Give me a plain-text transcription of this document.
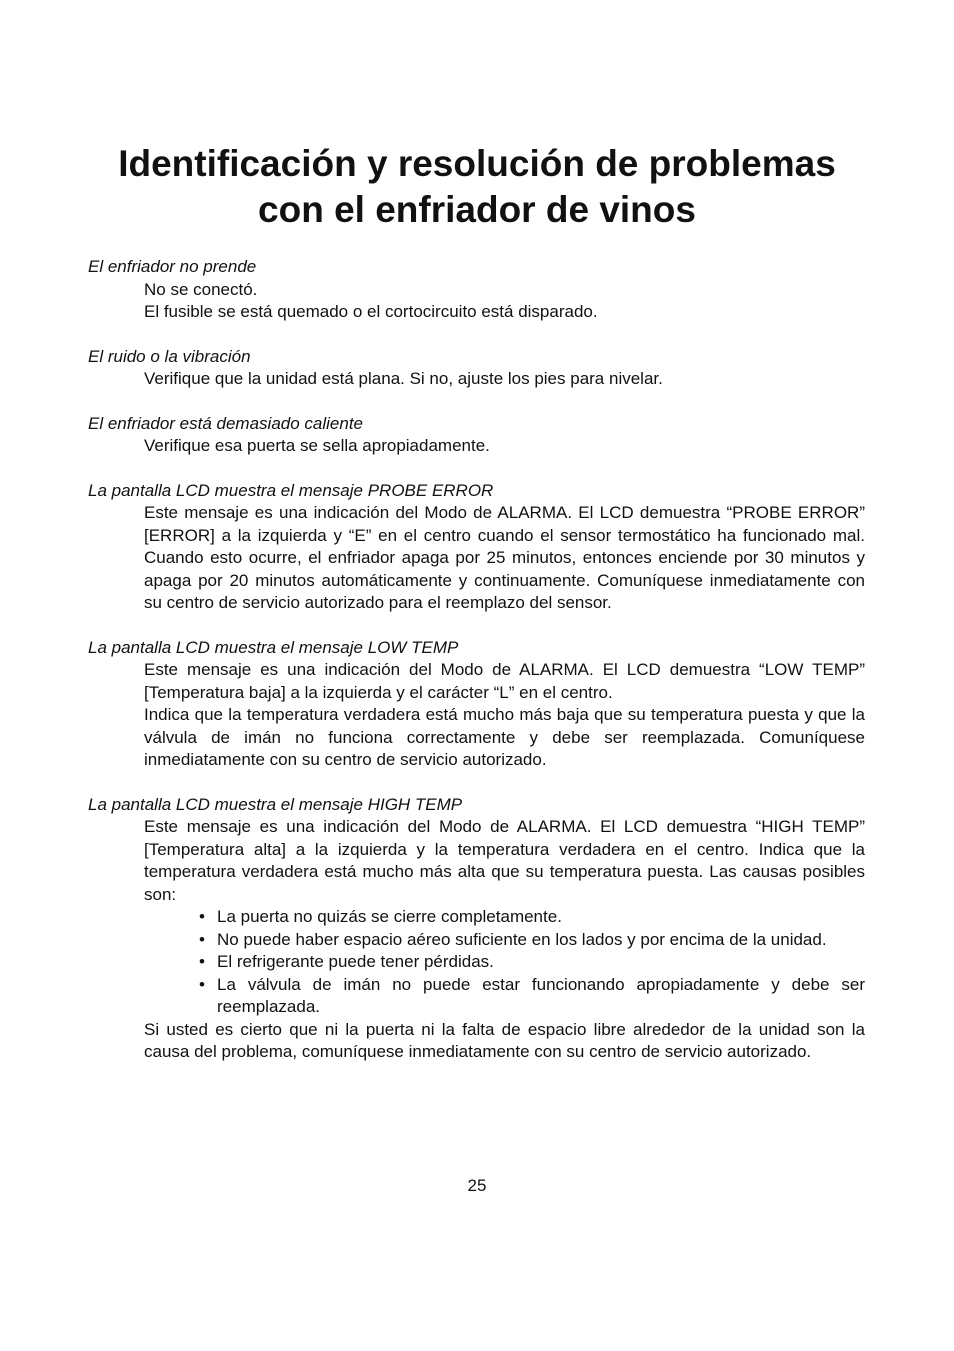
Identificación y resolución de problemas
con el enfriador de vinos

El enfriador no prende

No se conectó.

El fusible se está quemado o el cortocircuito está disparado.

El ruido o la vibración

Verifique que la unidad está plana. Si no, ajuste los pies para nivelar.

El enfriador está demasiado caliente

Verifique esa puerta se sella apropiadamente.

La pantalla LCD muestra el mensaje PROBE ERROR

Este mensaje es una indicación del Modo de ALARMA. El LCD demuestra “PROBE ERROR” [ERROR] a la izquierda y “E” en el centro cuando el sensor termostático ha funcionado mal. Cuando esto ocurre, el enfriador apaga por 25 minutos, entonces enciende por 30 minutos y apaga por 20 minutos automáticamente y continuamente. Comuníquese inmediatamente con su centro de servicio autorizado para el reemplazo del sensor.

La pantalla LCD muestra el mensaje LOW TEMP

Este mensaje es una indicación del Modo de ALARMA. El LCD demuestra “LOW TEMP” [Temperatura baja] a la izquierda y el carácter “L” en el centro.

Indica que la temperatura verdadera está mucho más baja que su temperatura puesta y que la válvula de imán no funciona correctamente y debe ser reemplazada. Comuníquese inmediatamente con su centro de servicio autorizado.

La pantalla LCD muestra el mensaje HIGH TEMP

Este mensaje es una indicación del Modo de ALARMA. El LCD demuestra “HIGH TEMP” [Temperatura alta] a la izquierda y la temperatura verdadera en el centro. Indica que la temperatura verdadera está mucho más alta que su temperatura puesta. Las causas posibles son:

• La puerta no quizás se cierre completamente.
• No puede haber espacio aéreo suficiente en los lados y por encima de la unidad.
• El refrigerante puede tener pérdidas.
• La válvula de imán no puede estar funcionando apropiadamente y debe ser reemplazada.

Si usted es cierto que ni la puerta ni la falta de espacio libre alrededor de la unidad son la causa del problema, comuníquese inmediatamente con su centro de servicio autorizado.

25
